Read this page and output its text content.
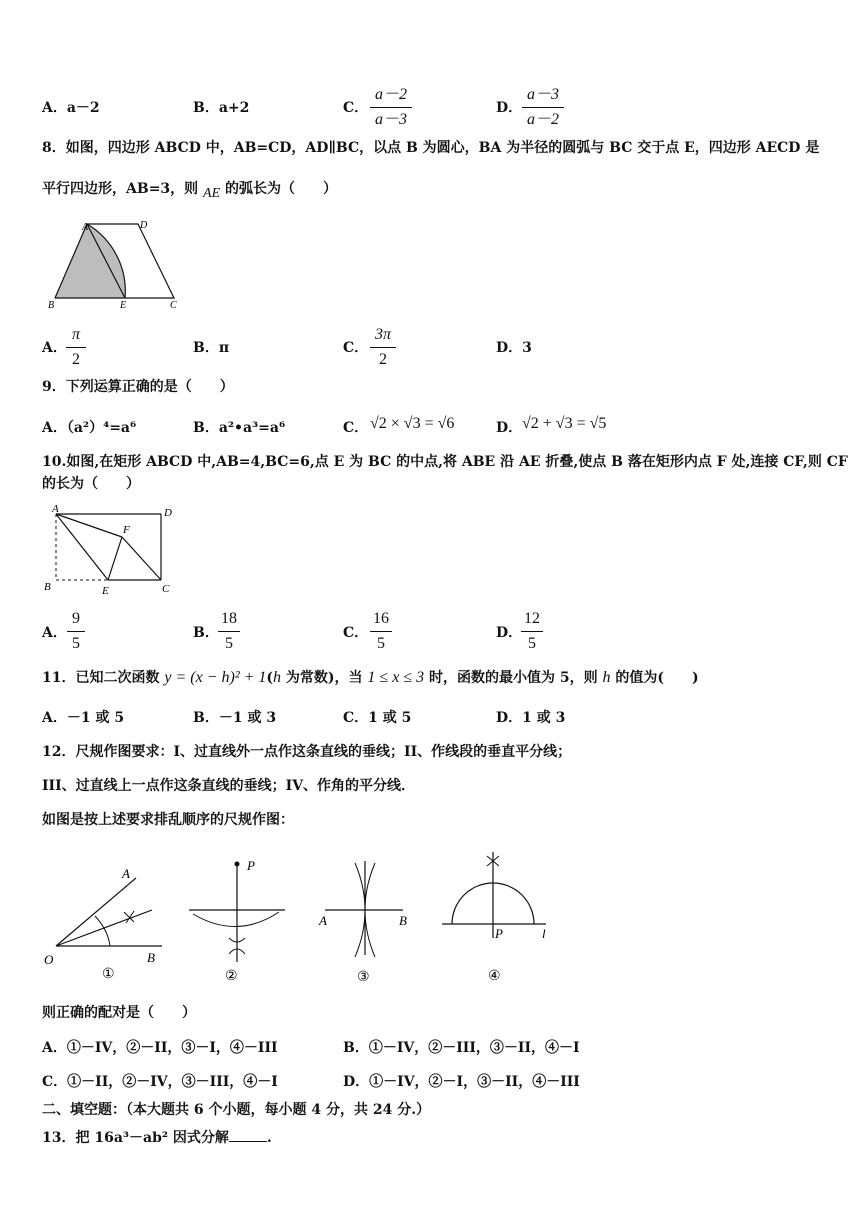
A．a－2	B．a+2	C．
a－2
a－3
D．
a－3
a－2
8．如图，四边形 ABCD 中，AB=CD，AD∥BC，以点 B 为圆心，BA 为半径的圆弧与 BC 交于点 E，四边形 AECD 是
平行四边形，AB=3，则 AE 的弧长为（　　）
A	D
B	E	C
A．
π
2
B．π	C．
3π
2
D．3
9．下列运算正确的是（　　）
A．（a²）⁴=a⁶	B．a²•a³=a⁶	C． √2 × √3 = √6	D． √2 + √3 = √5
10.如图,在矩形 ABCD 中,AB=4,BC=6,点 E 为 BC 的中点,将 ABE 沿 AE 折叠,使点 B 落在矩形内点 F 处,连接 CF,则 CF
的长为（　　）
A	D
F
B	E	C
A．
9
5
B．
18
5
C．
16
5
D．
12
5
11．已知二次函数 y = (x − h)² + 1(h 为常数)，当 1 ≤ x ≤ 3 时，函数的最小值为 5，则 h 的值为(　　)
A．－1 或 5	B．－1 或 3	C．1 或 5	D．1 或 3
12．尺规作图要求：I、过直线外一点作这条直线的垂线；II、作线段的垂直平分线；
III、过直线上一点作这条直线的垂线；IV、作角的平分线．
如图是按上述要求排乱顺序的尺规作图：
A
O	B
①
P
②
A	B
③
P	l
④
则正确的配对是（　　）
A．①－IV，②－II，③－I，④－III	B．①－IV，②－III，③－II，④－I
C．①－II，②－IV，③－III，④－I	D．①－IV，②－I，③－II，④－III
二、填空题：（本大题共 6 个小题，每小题 4 分，共 24 分.）
13．把 16a³－ab² 因式分解	.
